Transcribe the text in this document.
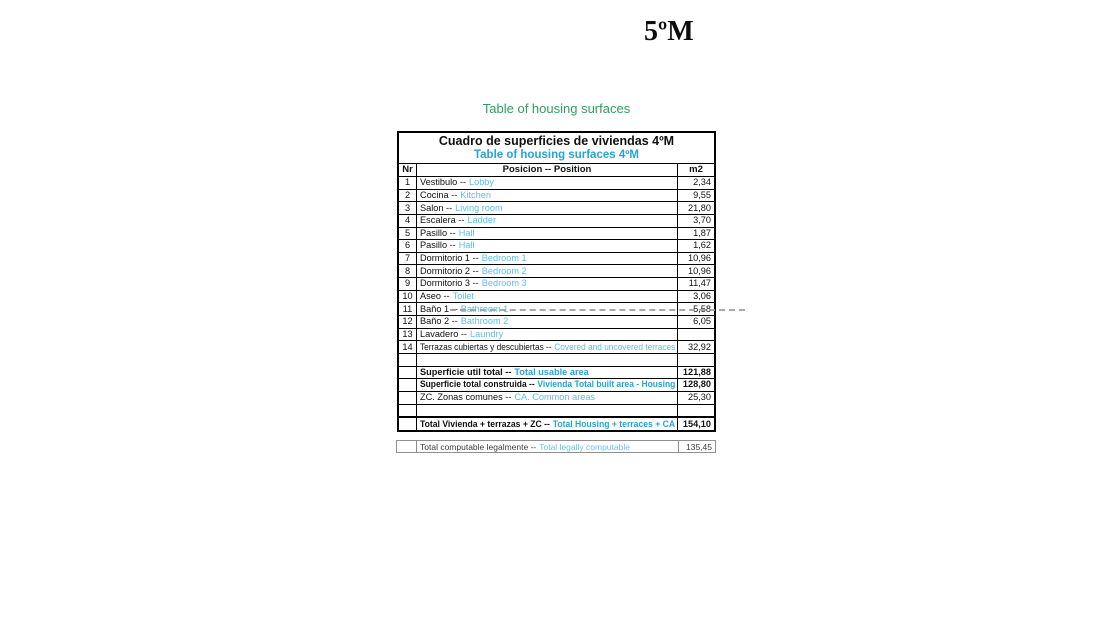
5ºM
Table of housing surfaces
Cuadro de superficies de viviendas 4ºM
Table of housing surfaces 4ºM
Nr	Posicion -- Position	m2
1	Vestibulo -- Lobby	2,34
2	Cocina -- Kitchen	9,55
3	Salon -- Living room	21,80
4	Escalera -- Ladder	3,70
5	Pasillo -- Hall	1,87
6	Pasillo -- Hall	1,62
7	Dormitorio 1 -- Bedroom 1	10,96
8	Dormitorio 2 -- Bedroom 2	10,96
9	Dormitorio 3 -- Bedroom 3	11,47
10 Aseo -- Toilet	3,06
11 Baño 1 -- Bathroom 1	5,58
12 Baño 2 -- Bathroom 2	6,05
13 Lavadero -- Laundry
14 Terrazas cubiertas y descubiertas -- Covered and uncovered terraces	32,92
Superficie util total -- Total usable area	121,88
Superficie total construida -- Vivienda Total built area - Housing 128,80
ZC. Zonas comunes -- CA. Common areas	25,30
Total Vivienda + terrazas + ZC -- Total Housing + terraces + CA 154,10
Total computable legalmente -- Total legally computable	135,45
